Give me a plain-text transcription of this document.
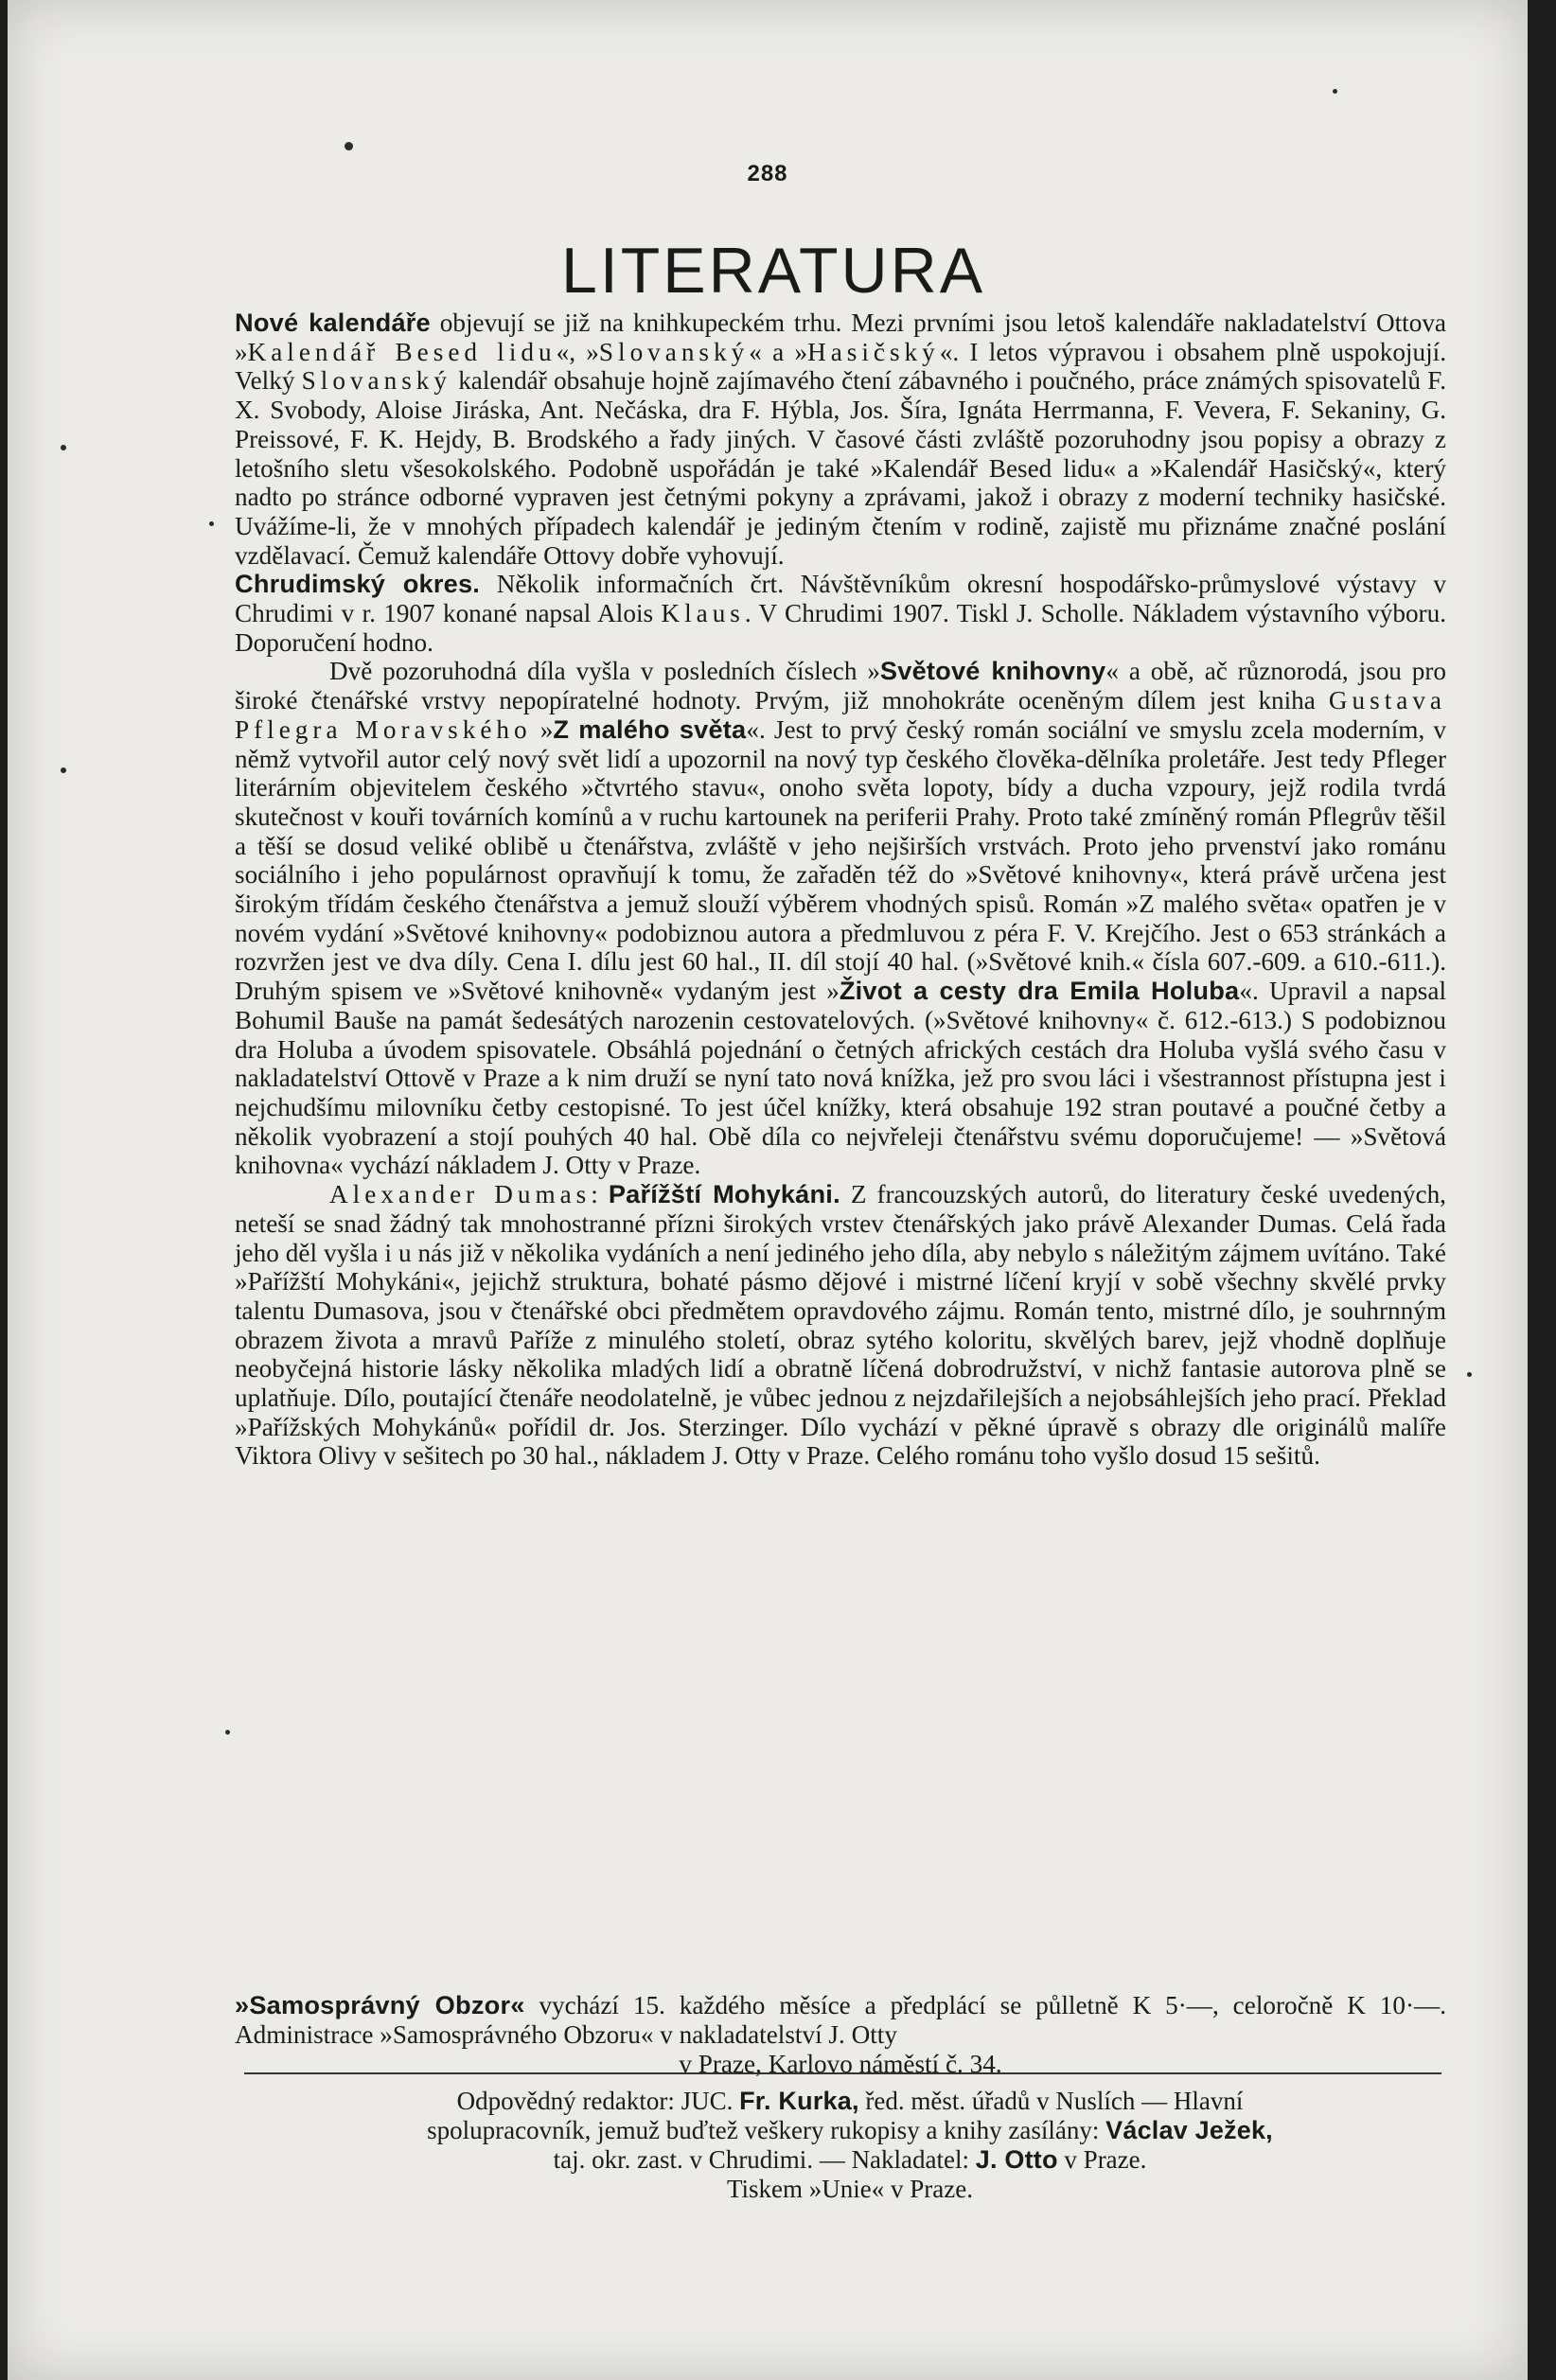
288
LITERATURA

Nové kalendáře objevují se již na knihkupeckém trhu. Mezi prvními jsou letoš kalendáře nakladatelství Ottova »Kalendář Besed lidu«, »Slovanský« a »Hasičský«. I letos výpravou i obsahem plně uspokojují. Velký Slovanský kalendář obsahuje hojně zajímavého čtení zábavného i poučného, práce známých spisovatelů F. X. Svobody, Aloise Jiráska, Ant. Nečáska, dra F. Hýbla, Jos. Šíra, Ignáta Herrmanna, F. Vevera, F. Sekaniny, G. Preissové, F. K. Hejdy, B. Brodského a řady jiných. V časové části zvláště pozoruhodny jsou popisy a obrazy z letošního sletu všesokolského. Podobně uspořádán je také »Kalendář Besed lidu« a »Kalendář Hasičský«, který nadto po stránce odborné vypraven jest četnými pokyny a zprávami, jakož i obrazy z moderní techniky hasičské. Uvážíme-li, že v mnohých případech kalendář je jediným čtením v rodině, zajistě mu přiznáme značné poslání vzdělavací. Čemuž kalendáře Ottovy dobře vyhovují.

Chrudimský okres. Několik informačních črt. Návštěvníkům okresní hospodářsko-průmyslové výstavy v Chrudimi v r. 1907 konané napsal Alois Klaus. V Chrudimi 1907. Tiskl J. Scholle. Nákladem výstavního výboru. Doporučení hodno.

Dvě pozoruhodná díla vyšla v posledních číslech »Světové knihovny« a obě, ač různorodá, jsou pro široké čtenářské vrstvy nepopíratelné hodnoty. Prvým, již mnohokráte oceněným dílem jest kniha Gustava Pflegra Moravského »Z malého světa«. Jest to prvý český román sociální ve smyslu zcela moderním, v němž vytvořil autor celý nový svět lidí a upozornil na nový typ českého člověka-dělníka proletáře. Jest tedy Pfleger literárním objevitelem českého »čtvrtého stavu«, onoho světa lopoty, bídy a ducha vzpoury, jejž rodila tvrdá skutečnost v kouři továrních komínů a v ruchu kartounek na periferii Prahy. Proto také zmíněný román Pflegrův těšil a těší se dosud veliké oblibě u čtenářstva, zvláště v jeho nejširších vrstvách. Proto jeho prvenství jako románu sociálního i jeho populárnost opravňují k tomu, že zařaděn též do »Světové knihovny«, která právě určena jest širokým třídám českého čtenářstva a jemuž slouží výběrem vhodných spisů. Román »Z malého světa« opatřen je v novém vydání »Světové knihovny« podobiznou autora a předmluvou z péra F. V. Krejčího. Jest o 653 stránkách a rozvržen jest ve dva díly. Cena I. dílu jest 60 hal., II. díl stojí 40 hal. (»Světové knih.« čísla 607.-609. a 610.-611.). Druhým spisem ve »Světové knihovně« vydaným jest »Život a cesty dra Emila Holuba«. Upravil a napsal Bohumil Bauše na památ šedesátých narozenin cestovatelových. (»Světové knihovny« č. 612.-613.) S podobiznou dra Holuba a úvodem spisovatele. Obsáhlá pojednání o četných afrických cestách dra Holuba vyšlá svého času v nakladatelství Ottově v Praze a k nim druží se nyní tato nová knížka, jež pro svou láci i všestrannost přístupna jest i nejchudšímu milovníku četby cestopisné. To jest účel knížky, která obsahuje 192 stran poutavé a poučné četby a několik vyobrazení a stojí pouhých 40 hal. Obě díla co nejvřeleji čtenářstvu svému doporučujeme! — »Světová knihovna« vychází nákladem J. Otty v Praze.

Alexander Dumas: Pařížští Mohykáni. Z francouzských autorů, do literatury české uvedených, neteší se snad žádný tak mnohostranné přízni širokých vrstev čtenářských jako právě Alexander Dumas. Celá řada jeho děl vyšla i u nás již v několika vydáních a není jediného jeho díla, aby nebylo s náležitým zájmem uvítáno. Také »Pařížští Mohykáni«, jejichž struktura, bohaté pásmo dějové i mistrné líčení kryjí v sobě všechny skvělé prvky talentu Dumasova, jsou v čtenářské obci předmětem opravdového zájmu. Román tento, mistrné dílo, je souhrnným obrazem života a mravů Paříže z minulého století, obraz sytého koloritu, skvělých barev, jejž vhodně doplňuje neobyčejná historie lásky několika mladých lidí a obratně líčená dobrodružství, v nichž fantasie autorova plně se uplatňuje. Dílo, poutající čtenáře neodolatelně, je vůbec jednou z nejzdařilejších a nejobsáhlejších jeho prací. Překlad »Pařížských Mohykánů« pořídil dr. Jos. Sterzinger. Dílo vychází v pěkné úpravě s obrazy dle originálů malíře Viktora Olivy v sešitech po 30 hal., nákladem J. Otty v Praze. Celého románu toho vyšlo dosud 15 sešitů.

»Samosprávný Obzor« vychází 15. každého měsíce a předplácí se půlletně K 5·—, celoročně K 10·—. Administrace »Samosprávného Obzoru« v nakladatelství J. Otty

v Praze, Karlovo náměstí č. 34.

Odpovědný redaktor: JUC. Fr. Kurka, řed. měst. úřadů v Nuslích — Hlavní
spolupracovník, jemuž buďtež veškery rukopisy a knihy zasílány: Václav Ježek,
taj. okr. zast. v Chrudimi. — Nakladatel: J. Otto v Praze.
Tiskem »Unie« v Praze.
